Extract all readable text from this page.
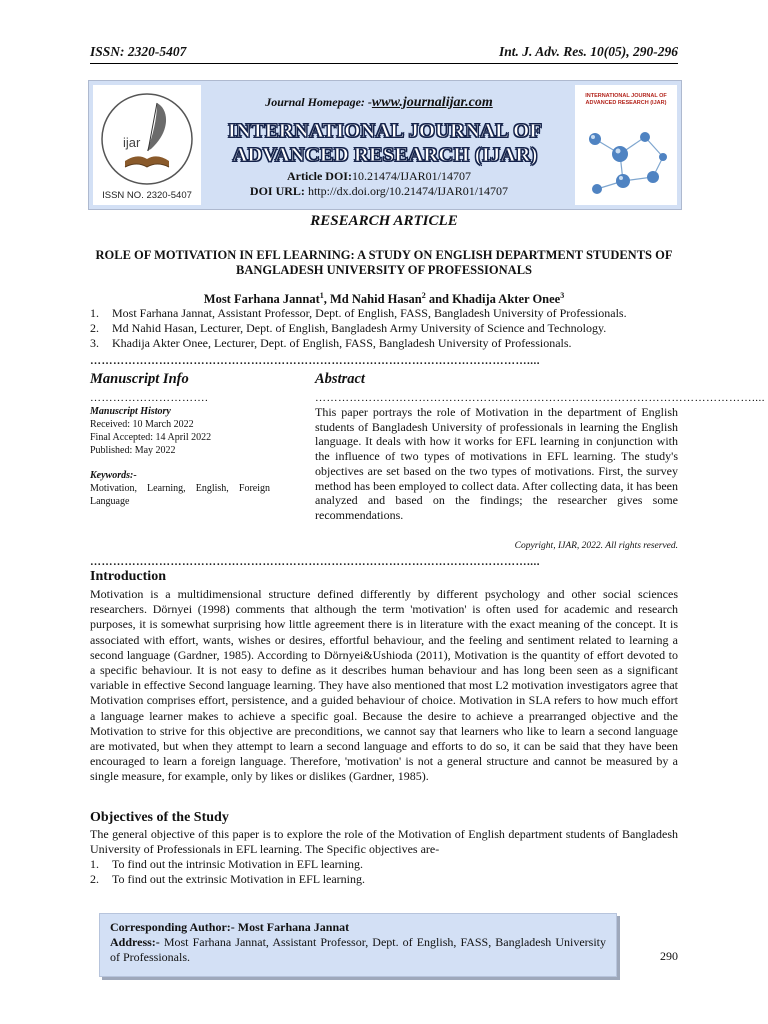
ISSN: 2320-5407	Int. J. Adv. Res. 10(05), 290-296
ijar
ISSN NO. 2320-5407
Journal Homepage: -www.journalijar.com
INTERNATIONAL JOURNAL OF
ADVANCED RESEARCH (IJAR)
Article DOI:10.21474/IJAR01/14707
DOI URL: http://dx.doi.org/10.21474/IJAR01/14707
INTERNATIONAL JOURNAL OF ADVANCED RESEARCH (IJAR)
RESEARCH ARTICLE
ROLE OF MOTIVATION IN EFL LEARNING: A STUDY ON ENGLISH DEPARTMENT STUDENTS OF
BANGLADESH UNIVERSITY OF PROFESSIONALS
Most Farhana Jannat$^1$, Md Nahid Hasan$^2$ and Khadija Akter Onee$^3$
1. Most Farhana Jannat, Assistant Professor, Dept. of English, FASS, Bangladesh University of Professionals.
2. Md Nahid Hasan, Lecturer, Dept. of English, Bangladesh Army University of Science and Technology.
3. Khadija Akter Onee, Lecturer, Dept. of English, FASS, Bangladesh University of Professionals.
……………………………………………………………………………………………………....
Manuscript Info	Abstract
………………………….	……………………………………………………………………………………………………....
Manuscript History
Received: 10 March 2022
Final Accepted: 14 April 2022
Published: May 2022
Keywords:-
Motivation, Learning, English, Foreign Language
This paper portrays the role of Motivation in the department of English students of Bangladesh University of professionals in learning the English language. It deals with how it works for EFL learning in conjunction with the influence of two types of motivations in EFL learning. The study's objectives are set based on the two types of motivations. First, the survey method has been employed to collect data. After collecting data, it has been analyzed and based on the findings; the researcher gives some recommendations.
Copyright, IJAR, 2022. All rights reserved.
……………………………………………………………………………………………………....
Introduction

Motivation is a multidimensional structure defined differently by different psychology and other social sciences researchers. Dörnyei (1998) comments that although the term 'motivation' is often used for academic and research purposes, it is somewhat surprising how little agreement there is in literature with the exact meaning of the concept. It is associated with effort, wants, wishes or desires, effortful behaviour, and the feeling and sentiment related to learning a second language (Gardner, 1985). According to Dörnyei&Ushioda (2011), Motivation is the quantity of effort devoted to a specific behaviour. It is not easy to define as it describes human behaviour and has long been seen as a significant variable in effective Second language learning. They have also mentioned that most L2 motivation investigators agree that Motivation comprises effort, persistence, and a guided behaviour of choice. Motivation in SLA refers to how much effort a language learner makes to achieve a specific goal. Because the desire to achieve a prearranged objective and the Motivation to strive for this objective are preconditions, we cannot say that learners who like to learn a second language are motivated, but when they attempt to learn a second language and efforts to do so, it can be said that they have been encouraged to learn a foreign language. Therefore, 'motivation' is not a general structure and cannot be measured by a single measure, for example, only by likes or dislikes (Gardner, 1985).

Objectives of the Study

The general objective of this paper is to explore the role of the Motivation of English department students of Bangladesh University of Professionals in EFL learning. The Specific objectives are-

1. To find out the intrinsic Motivation in EFL learning.
2. To find out the extrinsic Motivation in EFL learning.
Corresponding Author:- Most Farhana Jannat
Address:- Most Farhana Jannat, Assistant Professor, Dept. of English, FASS, Bangladesh University of Professionals.	290
